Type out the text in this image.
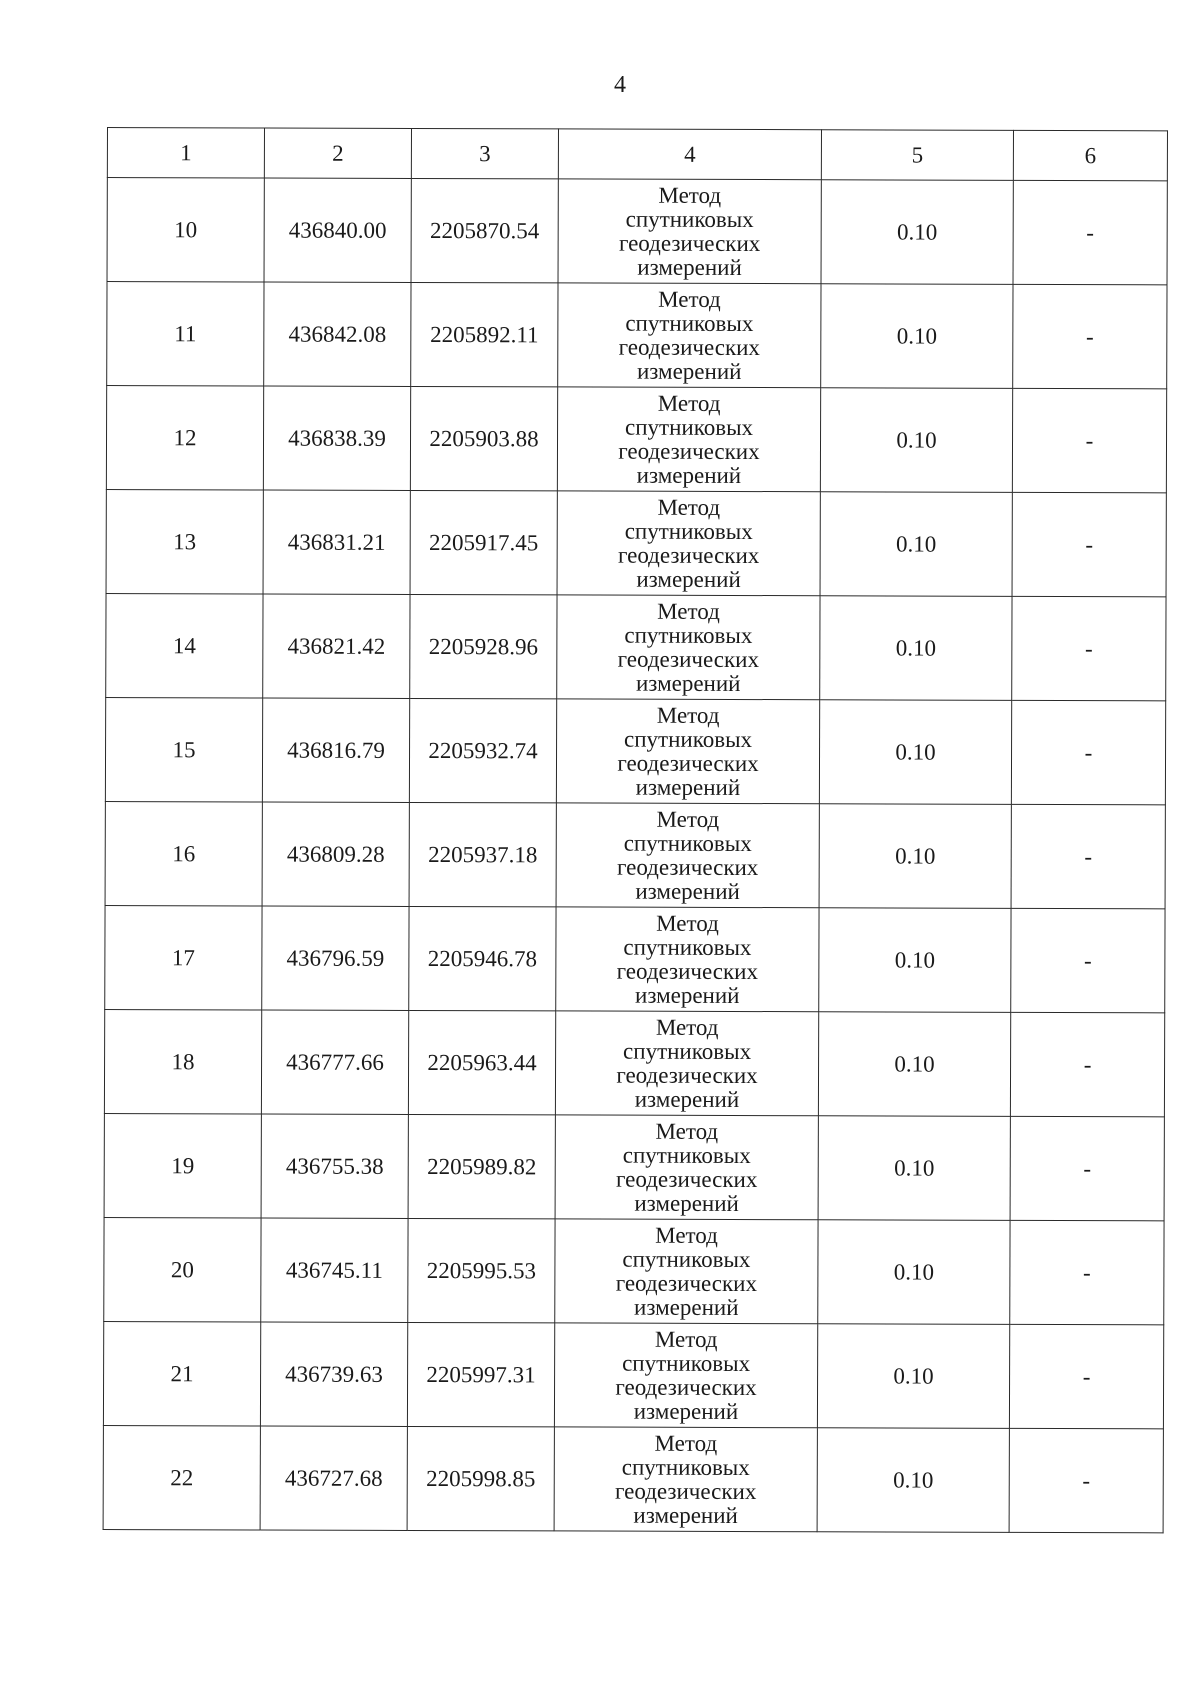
4
1	2	3	4	5	6
10	436840.00	2205870.54	Метод
спутниковых
геодезических
измерений	0.10	-
11	436842.08	2205892.11	Метод
спутниковых
геодезических
измерений	0.10	-
12	436838.39	2205903.88	Метод
спутниковых
геодезических
измерений	0.10	-
13	436831.21	2205917.45	Метод
спутниковых
геодезических
измерений	0.10	-
14	436821.42	2205928.96	Метод
спутниковых
геодезических
измерений	0.10	-
15	436816.79	2205932.74	Метод
спутниковых
геодезических
измерений	0.10	-
16	436809.28	2205937.18	Метод
спутниковых
геодезических
измерений	0.10	-
17	436796.59	2205946.78	Метод
спутниковых
геодезических
измерений	0.10	-
18	436777.66	2205963.44	Метод
спутниковых
геодезических
измерений	0.10	-
19	436755.38	2205989.82	Метод
спутниковых
геодезических
измерений	0.10	-
20	436745.11	2205995.53	Метод
спутниковых
геодезических
измерений	0.10	-
21	436739.63	2205997.31	Метод
спутниковых
геодезических
измерений	0.10	-
22	436727.68	2205998.85	Метод
спутниковых
геодезических
измерений	0.10	-
